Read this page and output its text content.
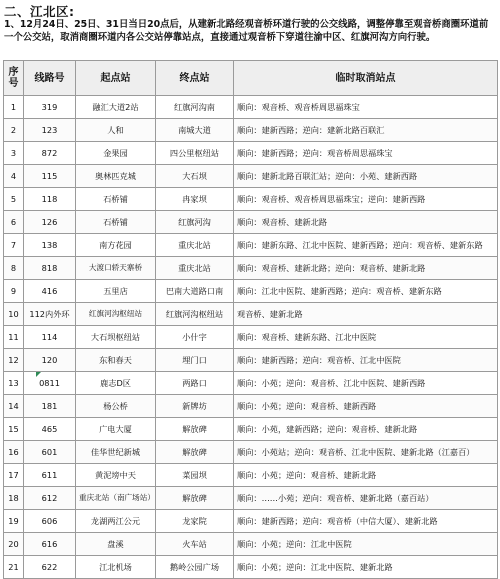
二、江北区:
1、12月24日、25日、31日当日20点后，从建新北路经观音桥环道行驶的公交线路，调整停靠至观音桥商圈环道前一个公交站，取消商圈环道内各公交站停靠站点，直接通过观音桥下穿道往渝中区、红旗河沟方向行驶。
序号	线路号	起点站	终点站	临时取消站点
1	319	融汇大道2站	红旗河沟南	顺向：观音桥、观音桥周思福珠宝
2	123	人和	南城大道	顺向：建新西路；逆向：建新北路百联汇
3	872	金果园	四公里枢纽站	顺向：建新西路；逆向：观音桥周思福珠宝
4	115	奥林匹克城	大石坝	顺向：建新北路百联汇站；逆向：小苑、建新西路
5	118	石桥铺	冉家坝	顺向：观音桥、观音桥周思福珠宝；逆向：建新西路
6	126	石桥铺	红旗河沟	顺向：观音桥、建新北路
7	138	南方花园	重庆北站	顺向：建新东路、江北中医院、建新西路；逆向：观音桥、建新东路
8	818	大渡口轿天寨桥	重庆北站	顺向：观音桥、建新北路；逆向：观音桥、建新北路
9	416	五里店	巴南大道路口南	顺向：江北中医院、建新西路；逆向：观音桥、建新东路
10	112内外环	红旗河沟枢纽站	红旗河沟枢纽站	观音桥、建新北路
11	114	大石坝枢纽站	小什字	顺向：观音桥、建新东路、江北中医院
12	120	东和春天	埋门口	顺向：建新西路；逆向：观音桥、江北中医院
13	0811	鹿志D区	两路口	顺向：小苑；逆向：观音桥、江北中医院、建新西路
14	181	杨公桥	新牌坊	顺向：小苑；逆向：观音桥、建新西路
15	465	广电大厦	解放碑	顺向：小苑，建新西路；逆向：观音桥、建新北路
16	601	佳华世纪新城	解放碑	顺向：小苑站；逆向：观音桥、江北中医院、建新北路（江嘉百）
17	611	黄泥塝中天	菜园坝	顺向：小苑；逆向：观音桥、建新北路
18	612	重庆北站（南广场站）	解放碑	顺向：……小苑；逆向：观音桥、建新北路（嘉百站）
19	606	龙湖两江公元	龙家院	顺向：建新西路；逆向：观音桥（中信大厦）、建新北路
20	616	盘溪	火车站	顺向：小苑；逆向：江北中医院
21	622	江北机场	鹅岭公园广场	顺向：小苑；逆向：江北中医院、建新北路
